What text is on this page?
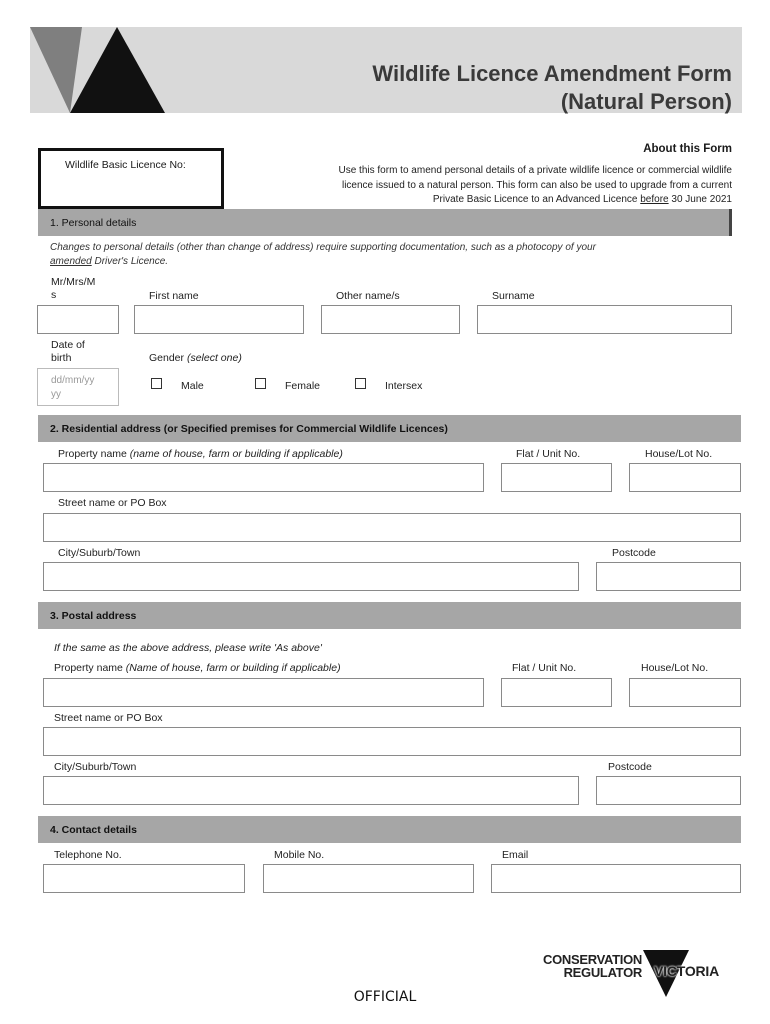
Wildlife Licence Amendment Form
(Natural Person)
Wildlife Basic Licence No:
About this Form
Use this form to amend personal details of a private wildlife licence or commercial wildlife
licence issued to a natural person. This form can also be used to upgrade from a current
Private Basic Licence to an Advanced Licence before 30 June 2021
1. Personal details
Changes to personal details (other than change of address) require supporting documentation, such as a photocopy of your
amended Driver's Licence.
Mr/Mrs/M
s	First name	Other name/s	Surname
Date of
birth	Gender (select one)
dd/mm/yy
yy
Male	Female	Intersex
2. Residential address (or Specified premises for Commercial Wildlife Licences)
Property name (name of house, farm or building if applicable)	Flat / Unit No.	House/Lot No.
Street name or PO Box
City/Suburb/Town	Postcode
3. Postal address
If the same as the above address, please write 'As above'
Property name (Name of house, farm or building if applicable)	Flat / Unit No.	House/Lot No.
Street name or PO Box
City/Suburb/Town	Postcode
4. Contact details
Telephone No.	Mobile No.	Email
CONSERVATION
REGULATOR VICTORIA
OFFICIAL
